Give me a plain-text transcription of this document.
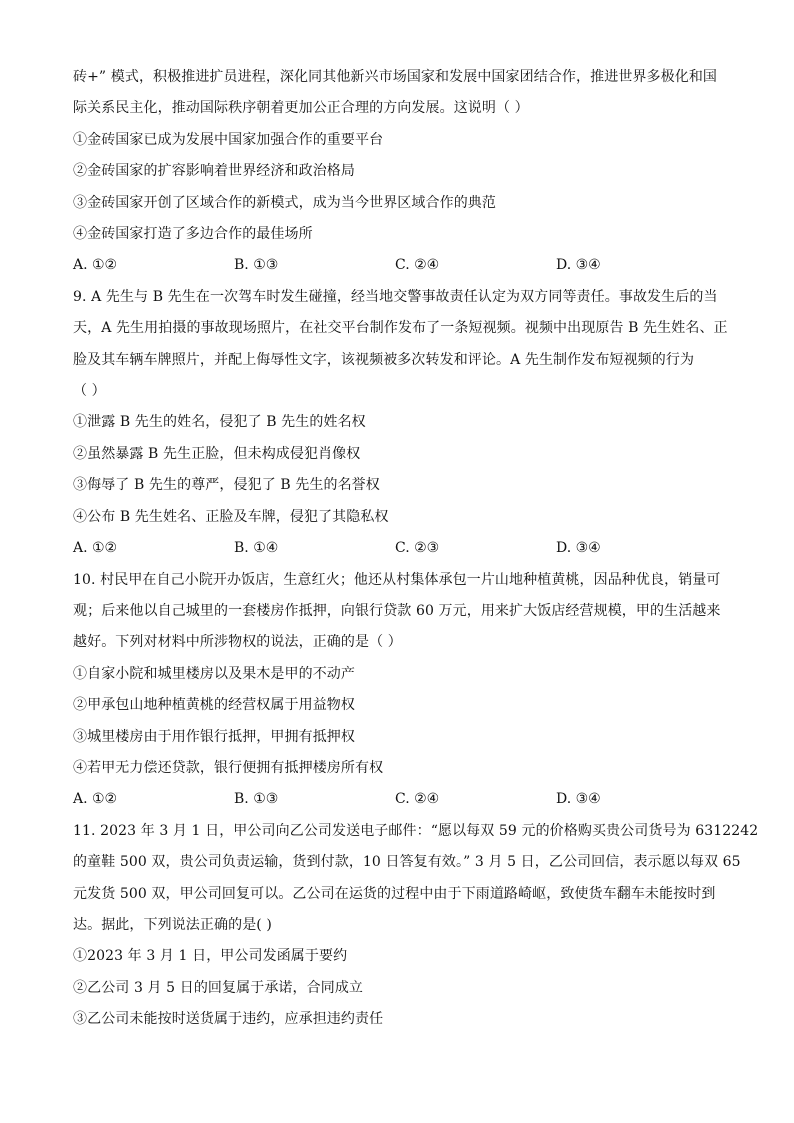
砖+” 模式，积极推进扩员进程，深化同其他新兴市场国家和发展中国家团结合作，推进世界多极化和国
际关系民主化，推动国际秩序朝着更加公正合理的方向发展。这说明（ ）
①金砖国家已成为发展中国家加强合作的重要平台
②金砖国家的扩容影响着世界经济和政治格局
③金砖国家开创了区域合作的新模式，成为当今世界区域合作的典范
④金砖国家打造了多边合作的最佳场所
A. ①②	B. ①③	C. ②④	D. ③④
9. A 先生与 B 先生在一次驾车时发生碰撞，经当地交警事故责任认定为双方同等责任。事故发生后的当
天，A 先生用拍摄的事故现场照片，在社交平台制作发布了一条短视频。视频中出现原告 B 先生姓名、正
脸及其车辆车牌照片，并配上侮辱性文字，该视频被多次转发和评论。A 先生制作发布短视频的行为
（ ）
①泄露 B 先生的姓名，侵犯了 B 先生的姓名权
②虽然暴露 B 先生正脸，但未构成侵犯肖像权
③侮辱了 B 先生的尊严，侵犯了 B 先生的名誉权
④公布 B 先生姓名、正脸及车牌，侵犯了其隐私权
A. ①②	B. ①④	C. ②③	D. ③④
10. 村民甲在自己小院开办饭店，生意红火；他还从村集体承包一片山地种植黄桃，因品种优良，销量可
观；后来他以自己城里的一套楼房作抵押，向银行贷款 60 万元，用来扩大饭店经营规模，甲的生活越来
越好。下列对材料中所涉物权的说法，正确的是（ ）
①自家小院和城里楼房以及果木是甲的不动产
②甲承包山地种植黄桃的经营权属于用益物权
③城里楼房由于用作银行抵押，甲拥有抵押权
④若甲无力偿还贷款，银行便拥有抵押楼房所有权
A. ①②	B. ①③	C. ②④	D. ③④
11. 2023 年 3 月 1 日，甲公司向乙公司发送电子邮件：“愿以每双 59 元的价格购买贵公司货号为 6312242
的童鞋 500 双，贵公司负责运输，货到付款，10 日答复有效。” 3 月 5 日，乙公司回信，表示愿以每双 65
元发货 500 双，甲公司回复可以。乙公司在运货的过程中由于下雨道路崎岖，致使货车翻车未能按时到
达。据此，下列说法正确的是( )
①2023 年 3 月 1 日，甲公司发函属于要约
②乙公司 3 月 5 日的回复属于承诺，合同成立
③乙公司未能按时送货属于违约，应承担违约责任
